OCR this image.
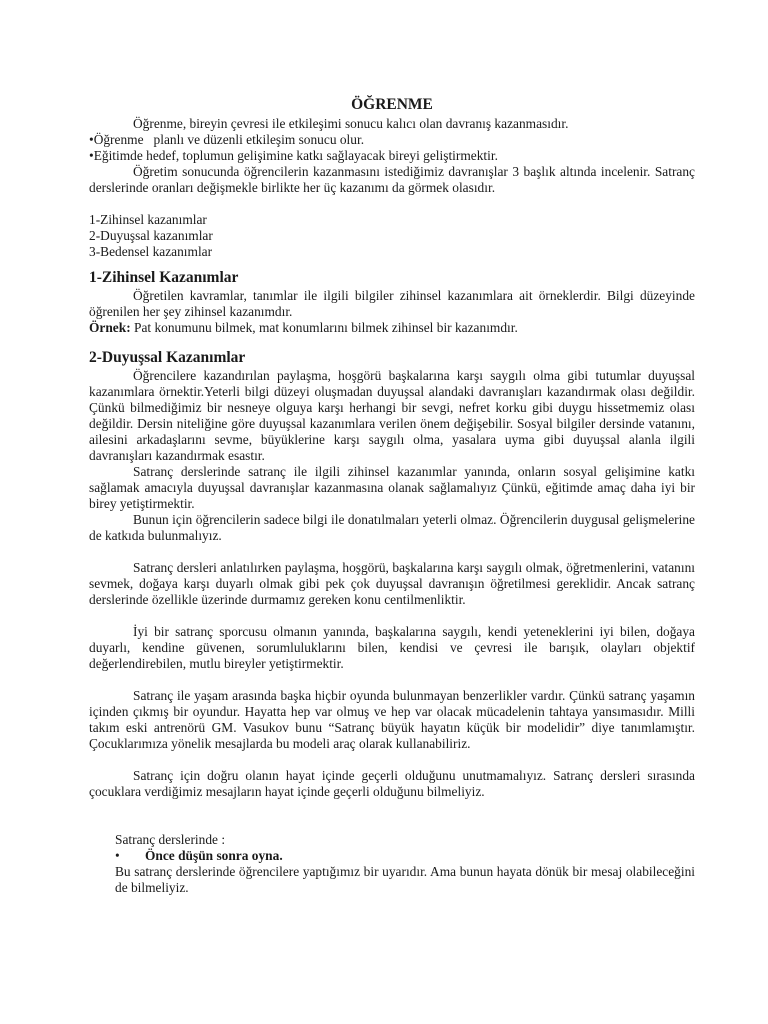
ÖĞRENME

Öğrenme, bireyin çevresi ile etkileşimi sonucu kalıcı olan davranış kazanmasıdır.

•Öğrenme   planlı ve düzenli etkileşim sonucu olur.

•Eğitimde hedef, toplumun gelişimine katkı sağlayacak bireyi geliştirmektir.

Öğretim sonucunda öğrencilerin kazanmasını istediğimiz davranışlar 3 başlık altında incelenir. Satranç derslerinde oranları değişmekle birlikte her üç kazanımı da görmek olasıdır.

1-Zihinsel kazanımlar

2-Duyuşsal kazanımlar

3-Bedensel kazanımlar

1-Zihinsel Kazanımlar

Öğretilen kavramlar, tanımlar ile ilgili bilgiler zihinsel kazanımlara ait örneklerdir. Bilgi düzeyinde öğrenilen her şey zihinsel kazanımdır.

Örnek: Pat konumunu bilmek, mat konumlarını bilmek zihinsel bir kazanımdır.

2-Duyuşsal Kazanımlar

Öğrencilere kazandırılan paylaşma, hoşgörü başkalarına karşı saygılı olma gibi tutumlar duyuşsal kazanımlara örnektir.Yeterli bilgi düzeyi oluşmadan duyuşsal alandaki davranışları kazandırmak olası değildir. Çünkü bilmediğimiz bir nesneye olguya karşı herhangi bir sevgi, nefret korku gibi duygu hissetmemiz olası değildir. Dersin niteliğine göre duyuşsal kazanımlara verilen önem değişebilir. Sosyal bilgiler dersinde vatanını, ailesini arkadaşlarını sevme, büyüklerine karşı saygılı olma, yasalara uyma gibi duyuşsal alanla ilgili davranışları kazandırmak esastır.

Satranç derslerinde satranç ile ilgili zihinsel kazanımlar yanında, onların sosyal gelişimine katkı sağlamak amacıyla duyuşsal davranışlar kazanmasına olanak sağlamalıyız Çünkü, eğitimde amaç daha iyi bir birey yetiştirmektir.

Bunun için öğrencilerin sadece bilgi ile donatılmaları yeterli olmaz. Öğrencilerin duygusal gelişmelerine de katkıda bulunmalıyız.

Satranç dersleri anlatılırken paylaşma, hoşgörü, başkalarına karşı saygılı olmak, öğretmenlerini, vatanını sevmek, doğaya karşı duyarlı olmak gibi pek çok duyuşsal davranışın öğretilmesi gereklidir. Ancak satranç derslerinde özellikle üzerinde durmamız gereken konu centilmenliktir.

İyi bir satranç sporcusu olmanın yanında, başkalarına saygılı, kendi yeteneklerini iyi bilen, doğaya duyarlı, kendine güvenen, sorumluluklarını bilen, kendisi ve çevresi ile barışık, olayları objektif değerlendirebilen, mutlu bireyler yetiştirmektir.

Satranç ile yaşam arasında başka hiçbir oyunda bulunmayan benzerlikler vardır. Çünkü satranç yaşamın içinden çıkmış bir oyundur. Hayatta hep var olmuş ve hep var olacak mücadelenin tahtaya yansımasıdır. Milli takım eski antrenörü GM. Vasukov bunu “Satranç büyük hayatın küçük bir modelidir” diye tanımlamıştır. Çocuklarımıza yönelik mesajlarda bu modeli araç olarak kullanabiliriz.

Satranç için doğru olanın hayat içinde geçerli olduğunu unutmamalıyız. Satranç dersleri sırasında çocuklara verdiğimiz mesajların hayat içinde geçerli olduğunu bilmeliyiz.

Satranç derslerinde :

•	Önce düşün sonra oyna.

Bu satranç derslerinde öğrencilere yaptığımız bir uyarıdır. Ama bunun hayata dönük bir mesaj olabileceğini de bilmeliyiz.
